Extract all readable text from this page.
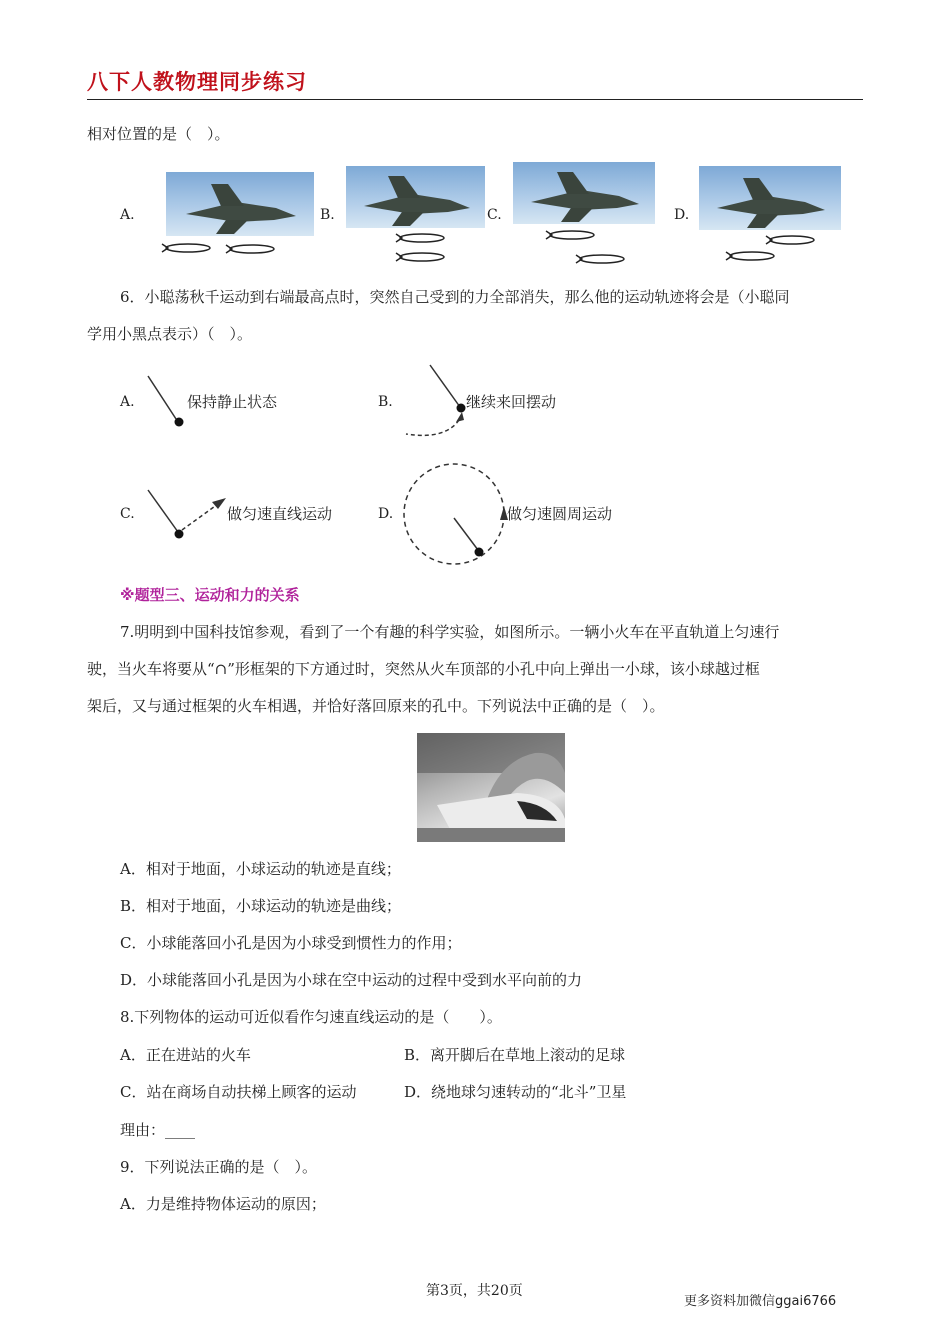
八下人教物理同步练习
相对位置的是（　）。
A.	B.	C.	D.
6．小聪荡秋千运动到右端最高点时，突然自己受到的力全部消失，那么他的运动轨迹将会是（小聪同
学用小黑点表示）（　）。
A.	保持静止状态	B.	继续来回摆动
C.	做匀速直线运动	D.	做匀速圆周运动
※题型三、运动和力的关系
7.明明到中国科技馆参观，看到了一个有趣的科学实验，如图所示。一辆小火车在平直轨道上匀速行
驶，当火车将要从“∩”形框架的下方通过时，突然从火车顶部的小孔中向上弹出一小球，该小球越过框
架后，又与通过框架的火车相遇，并恰好落回原来的孔中。下列说法中正确的是（　）。
A．相对于地面，小球运动的轨迹是直线；
B．相对于地面，小球运动的轨迹是曲线；
C．小球能落回小孔是因为小球受到惯性力的作用；
D．小球能落回小孔是因为小球在空中运动的过程中受到水平向前的力
8.下列物体的运动可近似看作匀速直线运动的是（　　）。
A．正在进站的火车	B．离开脚后在草地上滚动的足球
C．站在商场自动扶梯上顾客的运动	D．绕地球匀速转动的“北斗”卫星
理由：____
9．下列说法正确的是（　）。
A．力是维持物体运动的原因；
第3页，共20页
更多资料加微信ggai6766
